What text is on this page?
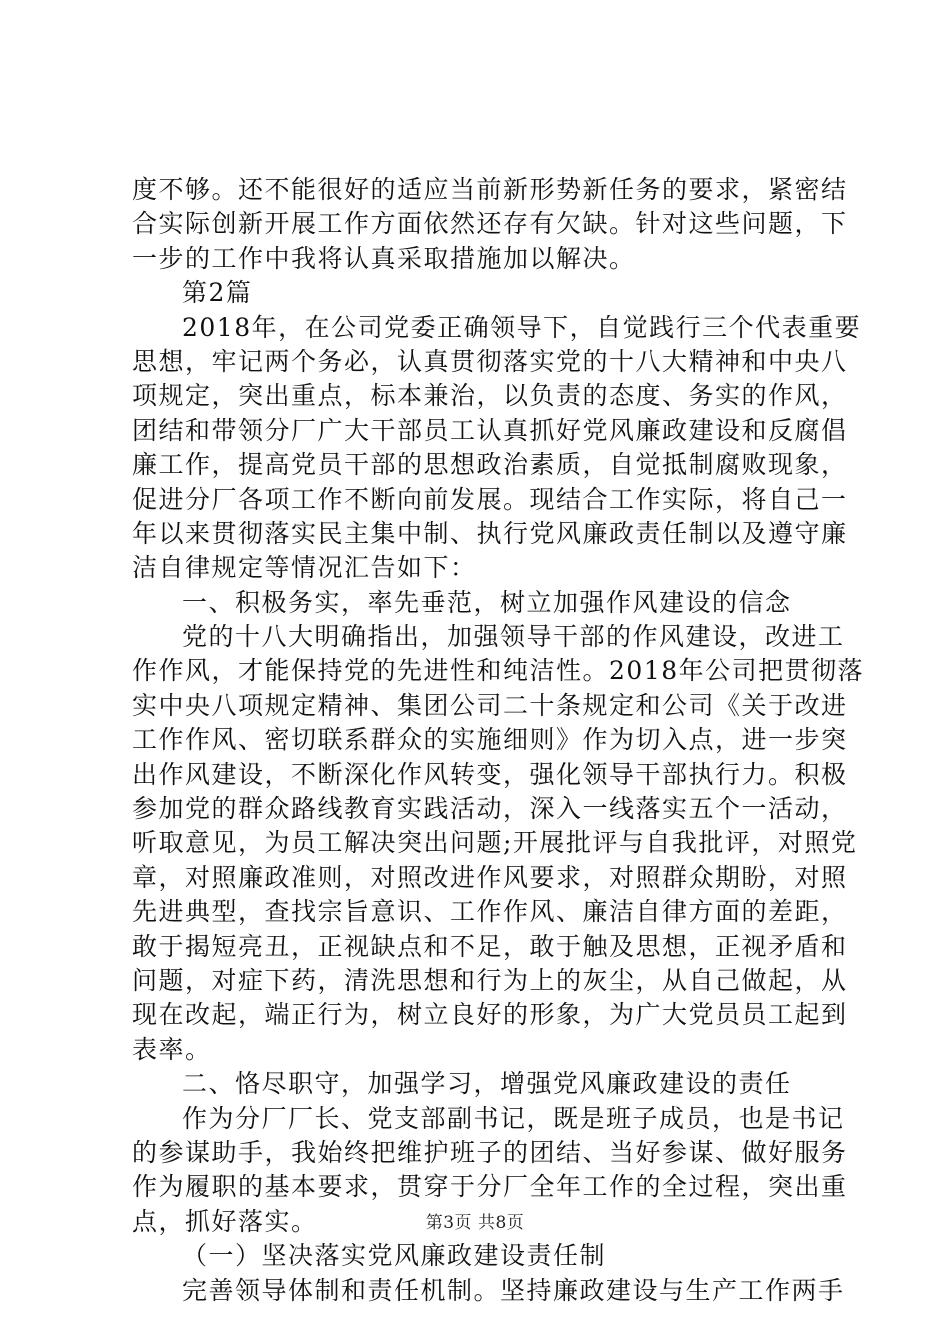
度不够。还不能很好的适应当前新形势新任务的要求，紧密结
合实际创新开展工作方面依然还存有欠缺。针对这些问题，下
一步的工作中我将认真采取措施加以解决。
第2篇
2018年，在公司党委正确领导下，自觉践行三个代表重要
思想，牢记两个务必，认真贯彻落实党的十八大精神和中央八
项规定，突出重点，标本兼治，以负责的态度、务实的作风，
团结和带领分厂广大干部员工认真抓好党风廉政建设和反腐倡
廉工作，提高党员干部的思想政治素质，自觉抵制腐败现象，
促进分厂各项工作不断向前发展。现结合工作实际，将自己一
年以来贯彻落实民主集中制、执行党风廉政责任制以及遵守廉
洁自律规定等情况汇告如下：
一、积极务实，率先垂范，树立加强作风建设的信念
党的十八大明确指出，加强领导干部的作风建设，改进工
作作风，才能保持党的先进性和纯洁性。2018年公司把贯彻落
实中央八项规定精神、集团公司二十条规定和公司《关于改进
工作作风、密切联系群众的实施细则》作为切入点，进一步突
出作风建设，不断深化作风转变，强化领导干部执行力。积极
参加党的群众路线教育实践活动，深入一线落实五个一活动，
听取意见，为员工解决突出问题;开展批评与自我批评，对照党
章，对照廉政准则，对照改进作风要求，对照群众期盼，对照
先进典型，查找宗旨意识、工作作风、廉洁自律方面的差距，
敢于揭短亮丑，正视缺点和不足，敢于触及思想，正视矛盾和
问题，对症下药，清洗思想和行为上的灰尘，从自己做起，从
现在改起，端正行为，树立良好的形象，为广大党员员工起到
表率。
二、恪尽职守，加强学习，增强党风廉政建设的责任
作为分厂厂长、党支部副书记，既是班子成员，也是书记
的参谋助手，我始终把维护班子的团结、当好参谋、做好服务
作为履职的基本要求，贯穿于分厂全年工作的全过程，突出重
点，抓好落实。
（一）坚决落实党风廉政建设责任制
完善领导体制和责任机制。坚持廉政建设与生产工作两手
第3页 共8页
